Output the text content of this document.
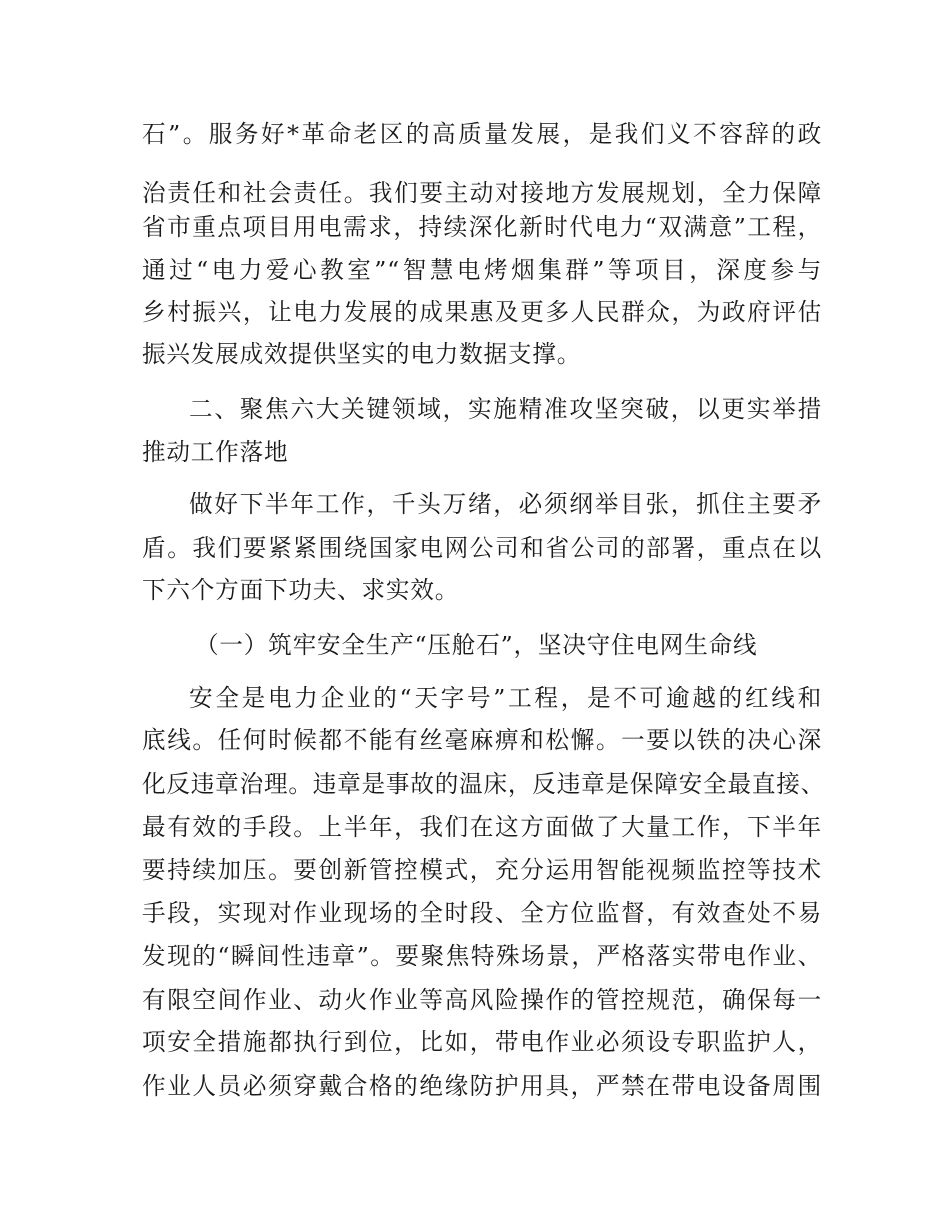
石”。服务好*革命老区的高质量发展，是我们义不容辞的政
治责任和社会责任。我们要主动对接地方发展规划，全力保障
省市重点项目用电需求，持续深化新时代电力“双满意”工程，
通过“电力爱心教室”“智慧电烤烟集群”等项目，深度参与
乡村振兴，让电力发展的成果惠及更多人民群众，为政府评估
振兴发展成效提供坚实的电力数据支撑。
二、聚焦六大关键领域，实施精准攻坚突破，以更实举措
推动工作落地
做好下半年工作，千头万绪，必须纲举目张，抓住主要矛
盾。我们要紧紧围绕国家电网公司和省公司的部署，重点在以
下六个方面下功夫、求实效。
（一）筑牢安全生产“压舱石”，坚决守住电网生命线
安全是电力企业的“天字号”工程，是不可逾越的红线和
底线。任何时候都不能有丝毫麻痹和松懈。一要以铁的决心深
化反违章治理。违章是事故的温床，反违章是保障安全最直接、
最有效的手段。上半年，我们在这方面做了大量工作，下半年
要持续加压。要创新管控模式，充分运用智能视频监控等技术
手段，实现对作业现场的全时段、全方位监督，有效查处不易
发现的“瞬间性违章”。要聚焦特殊场景，严格落实带电作业、
有限空间作业、动火作业等高风险操作的管控规范，确保每一
项安全措施都执行到位，比如，带电作业必须设专职监护人，
作业人员必须穿戴合格的绝缘防护用具，严禁在带电设备周围
